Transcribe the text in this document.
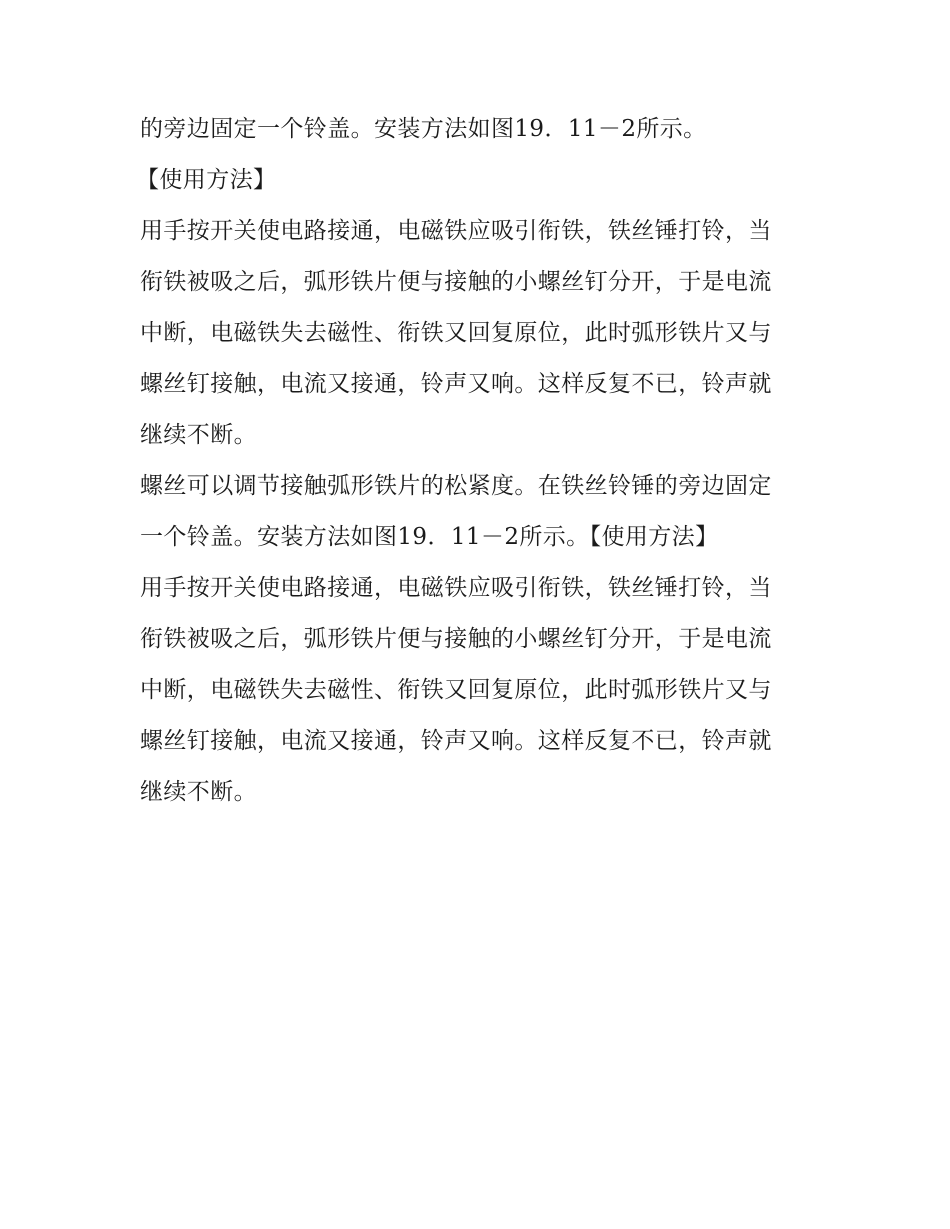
的旁边固定一个铃盖。安装方法如图19．11－2所示。
【使用方法】
用手按开关使电路接通，电磁铁应吸引衔铁，铁丝锤打铃，当
衔铁被吸之后，弧形铁片便与接触的小螺丝钉分开，于是电流
中断，电磁铁失去磁性、衔铁又回复原位，此时弧形铁片又与
螺丝钉接触，电流又接通，铃声又响。这样反复不已，铃声就
继续不断。
螺丝可以调节接触弧形铁片的松紧度。在铁丝铃锤的旁边固定
一个铃盖。安装方法如图19．11－2所示。【使用方法】
用手按开关使电路接通，电磁铁应吸引衔铁，铁丝锤打铃，当
衔铁被吸之后，弧形铁片便与接触的小螺丝钉分开，于是电流
中断，电磁铁失去磁性、衔铁又回复原位，此时弧形铁片又与
螺丝钉接触，电流又接通，铃声又响。这样反复不已，铃声就
继续不断。
